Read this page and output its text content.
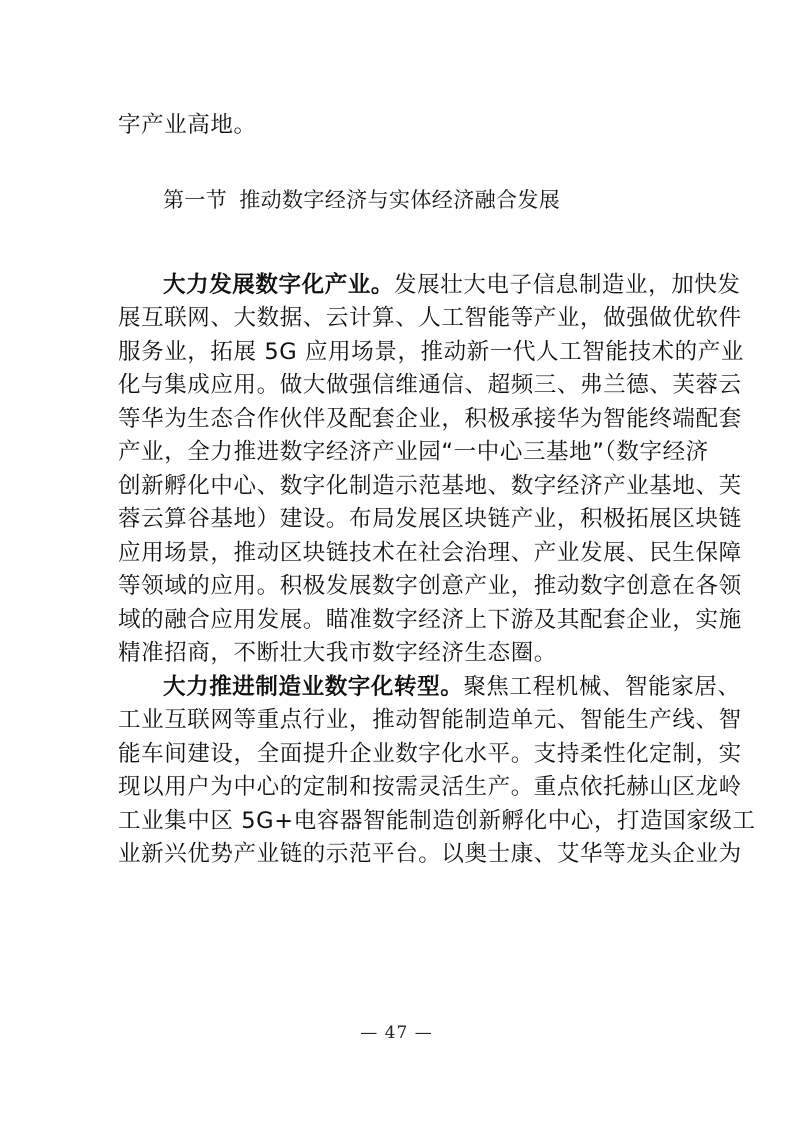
字产业高地。
第一节 推动数字经济与实体经济融合发展
大力发展数字化产业。发展壮大电子信息制造业，加快发
展互联网、大数据、云计算、人工智能等产业，做强做优软件
服务业，拓展 5G 应用场景，推动新一代人工智能技术的产业
化与集成应用。做大做强信维通信、超频三、弗兰德、芙蓉云
等华为生态合作伙伴及配套企业，积极承接华为智能终端配套
产业，全力推进数字经济产业园“一中心三基地”（数字经济
创新孵化中心、数字化制造示范基地、数字经济产业基地、芙
蓉云算谷基地）建设。布局发展区块链产业，积极拓展区块链
应用场景，推动区块链技术在社会治理、产业发展、民生保障
等领域的应用。积极发展数字创意产业，推动数字创意在各领
域的融合应用发展。瞄准数字经济上下游及其配套企业，实施
精准招商，不断壮大我市数字经济生态圈。
大力推进制造业数字化转型。聚焦工程机械、智能家居、
工业互联网等重点行业，推动智能制造单元、智能生产线、智
能车间建设，全面提升企业数字化水平。支持柔性化定制，实
现以用户为中心的定制和按需灵活生产。重点依托赫山区龙岭
工业集中区 5G+电容器智能制造创新孵化中心，打造国家级工
业新兴优势产业链的示范平台。以奥士康、艾华等龙头企业为
— 47 —
